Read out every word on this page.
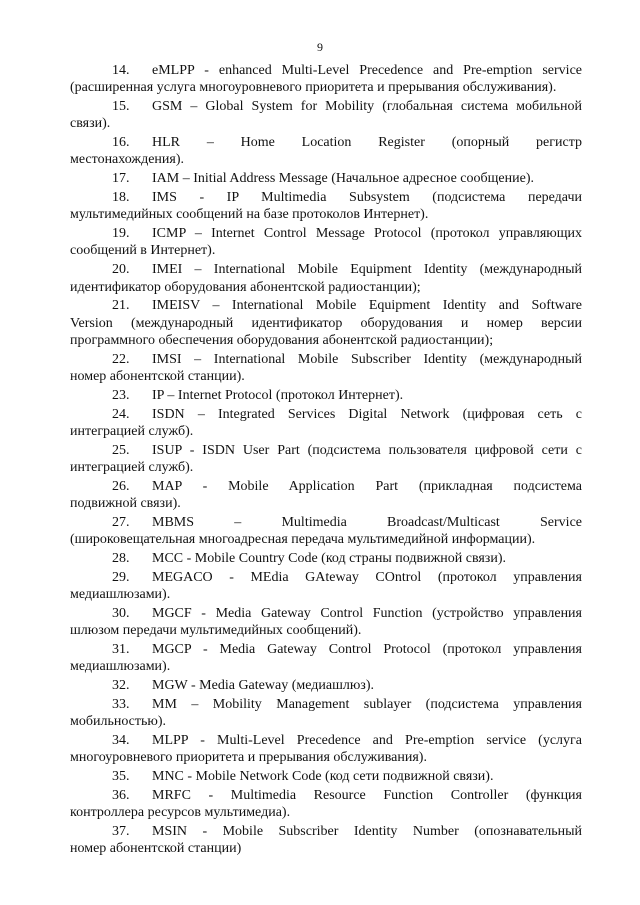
9
14. eMLPP - enhanced Multi-Level Precedence and Pre-emption service
(расширенная услуга многоуровневого приоритета и прерывания обслуживания).
15. GSM – Global System for Mobility (глобальная система мобильной
связи).
16. HLR – Home Location Register (опорный регистр
местонахождения).
17. IAM – Initial Address Message (Начальное адресное сообщение).
18. IMS - IP Multimedia Subsystem (подсистема передачи
мультимедийных сообщений на базе протоколов Интернет).
19. ICMP – Internet Control Message Protocol (протокол управляющих
сообщений в Интернет).
20. IMEI – International Mobile Equipment Identity (международный
идентификатор оборудования абонентской радиостанции);
21. IMEISV – International Mobile Equipment Identity and Software
Version (международный идентификатор оборудования и номер версии программного обеспечения оборудования абонентской радиостанции);
22. IMSI – International Mobile Subscriber Identity (международный
номер абонентской станции).
23. IP – Internet Protocol (протокол Интернет).
24. ISDN – Integrated Services Digital Network (цифровая сеть с
интеграцией служб).
25. ISUP - ISDN User Part (подсистема пользователя цифровой сети с
интеграцией служб).
26. MAP - Mobile Application Part (прикладная подсистема
подвижной связи).
27. MBMS – Multimedia Broadcast/Multicast Service
(широковещательная многоадресная передача мультимедийной информации).
28. MCC - Mobile Country Code (код страны подвижной связи).
29. MEGACO - MEdia GAteway COntrol (протокол управления
медиашлюзами).
30. MGCF - Media Gateway Control Function (устройство управления
шлюзом передачи мультимедийных сообщений).
31. MGCP - Media Gateway Control Protocol (протокол управления
медиашлюзами).
32. MGW - Media Gateway (медиашлюз).
33. MM – Mobility Management sublayer (подсистема управления
мобильностью).
34. MLPP - Multi-Level Precedence and Pre-emption service (услуга
многоуровневого приоритета и прерывания обслуживания).
35. MNC - Mobile Network Code (код сети подвижной связи).
36. MRFC - Multimedia Resource Function Controller (функция
контроллера ресурсов мультимедиа).
37. MSIN - Mobile Subscriber Identity Number (опознавательный
номер абонентской станции)
